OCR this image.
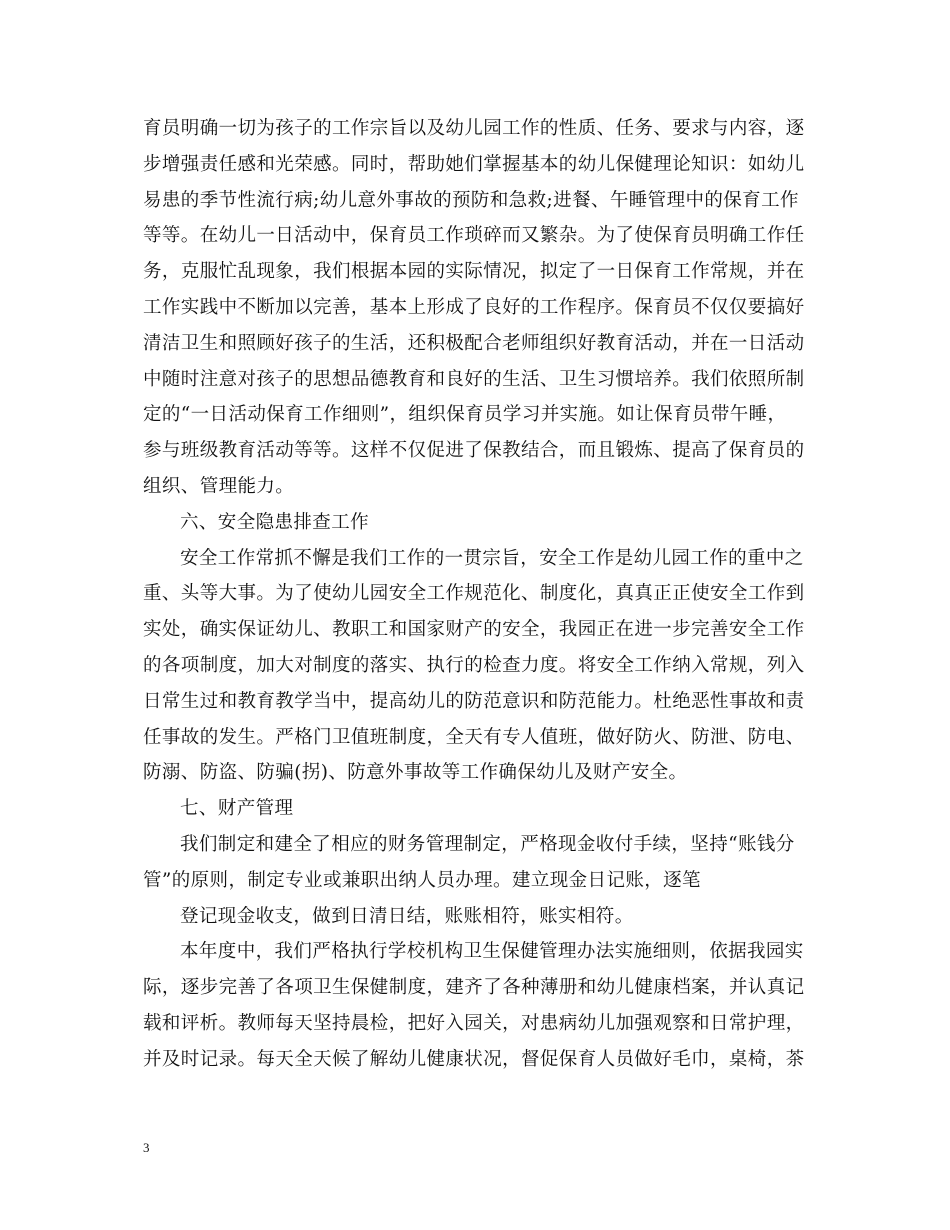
育员明确一切为孩子的工作宗旨以及幼儿园工作的性质、任务、要求与内容，逐
步增强责任感和光荣感。同时，帮助她们掌握基本的幼儿保健理论知识：如幼儿
易患的季节性流行病;幼儿意外事故的预防和急救;进餐、午睡管理中的保育工作
等等。在幼儿一日活动中，保育员工作琐碎而又繁杂。为了使保育员明确工作任
务，克服忙乱现象，我们根据本园的实际情况，拟定了一日保育工作常规，并在
工作实践中不断加以完善，基本上形成了良好的工作程序。保育员不仅仅要搞好
清洁卫生和照顾好孩子的生活，还积极配合老师组织好教育活动，并在一日活动
中随时注意对孩子的思想品德教育和良好的生活、卫生习惯培养。我们依照所制
定的“一日活动保育工作细则”，组织保育员学习并实施。如让保育员带午睡，
参与班级教育活动等等。这样不仅促进了保教结合，而且锻炼、提高了保育员的
组织、管理能力。
六、安全隐患排查工作
安全工作常抓不懈是我们工作的一贯宗旨，安全工作是幼儿园工作的重中之
重、头等大事。为了使幼儿园安全工作规范化、制度化，真真正正使安全工作到
实处，确实保证幼儿、教职工和国家财产的安全，我园正在进一步完善安全工作
的各项制度，加大对制度的落实、执行的检查力度。将安全工作纳入常规，列入
日常生过和教育教学当中，提高幼儿的防范意识和防范能力。杜绝恶性事故和责
任事故的发生。严格门卫值班制度，全天有专人值班，做好防火、防泄、防电、
防溺、防盗、防骗(拐)、防意外事故等工作确保幼儿及财产安全。
七、财产管理
我们制定和建全了相应的财务管理制定，严格现金收付手续，坚持“账钱分
管”的原则，制定专业或兼职出纳人员办理。建立现金日记账，逐笔
登记现金收支，做到日清日结，账账相符，账实相符。
本年度中，我们严格执行学校机构卫生保健管理办法实施细则，依据我园实
际，逐步完善了各项卫生保健制度，建齐了各种薄册和幼儿健康档案，并认真记
载和评析。教师每天坚持晨检，把好入园关，对患病幼儿加强观察和日常护理，
并及时记录。每天全天候了解幼儿健康状况，督促保育人员做好毛巾，桌椅，茶
3
